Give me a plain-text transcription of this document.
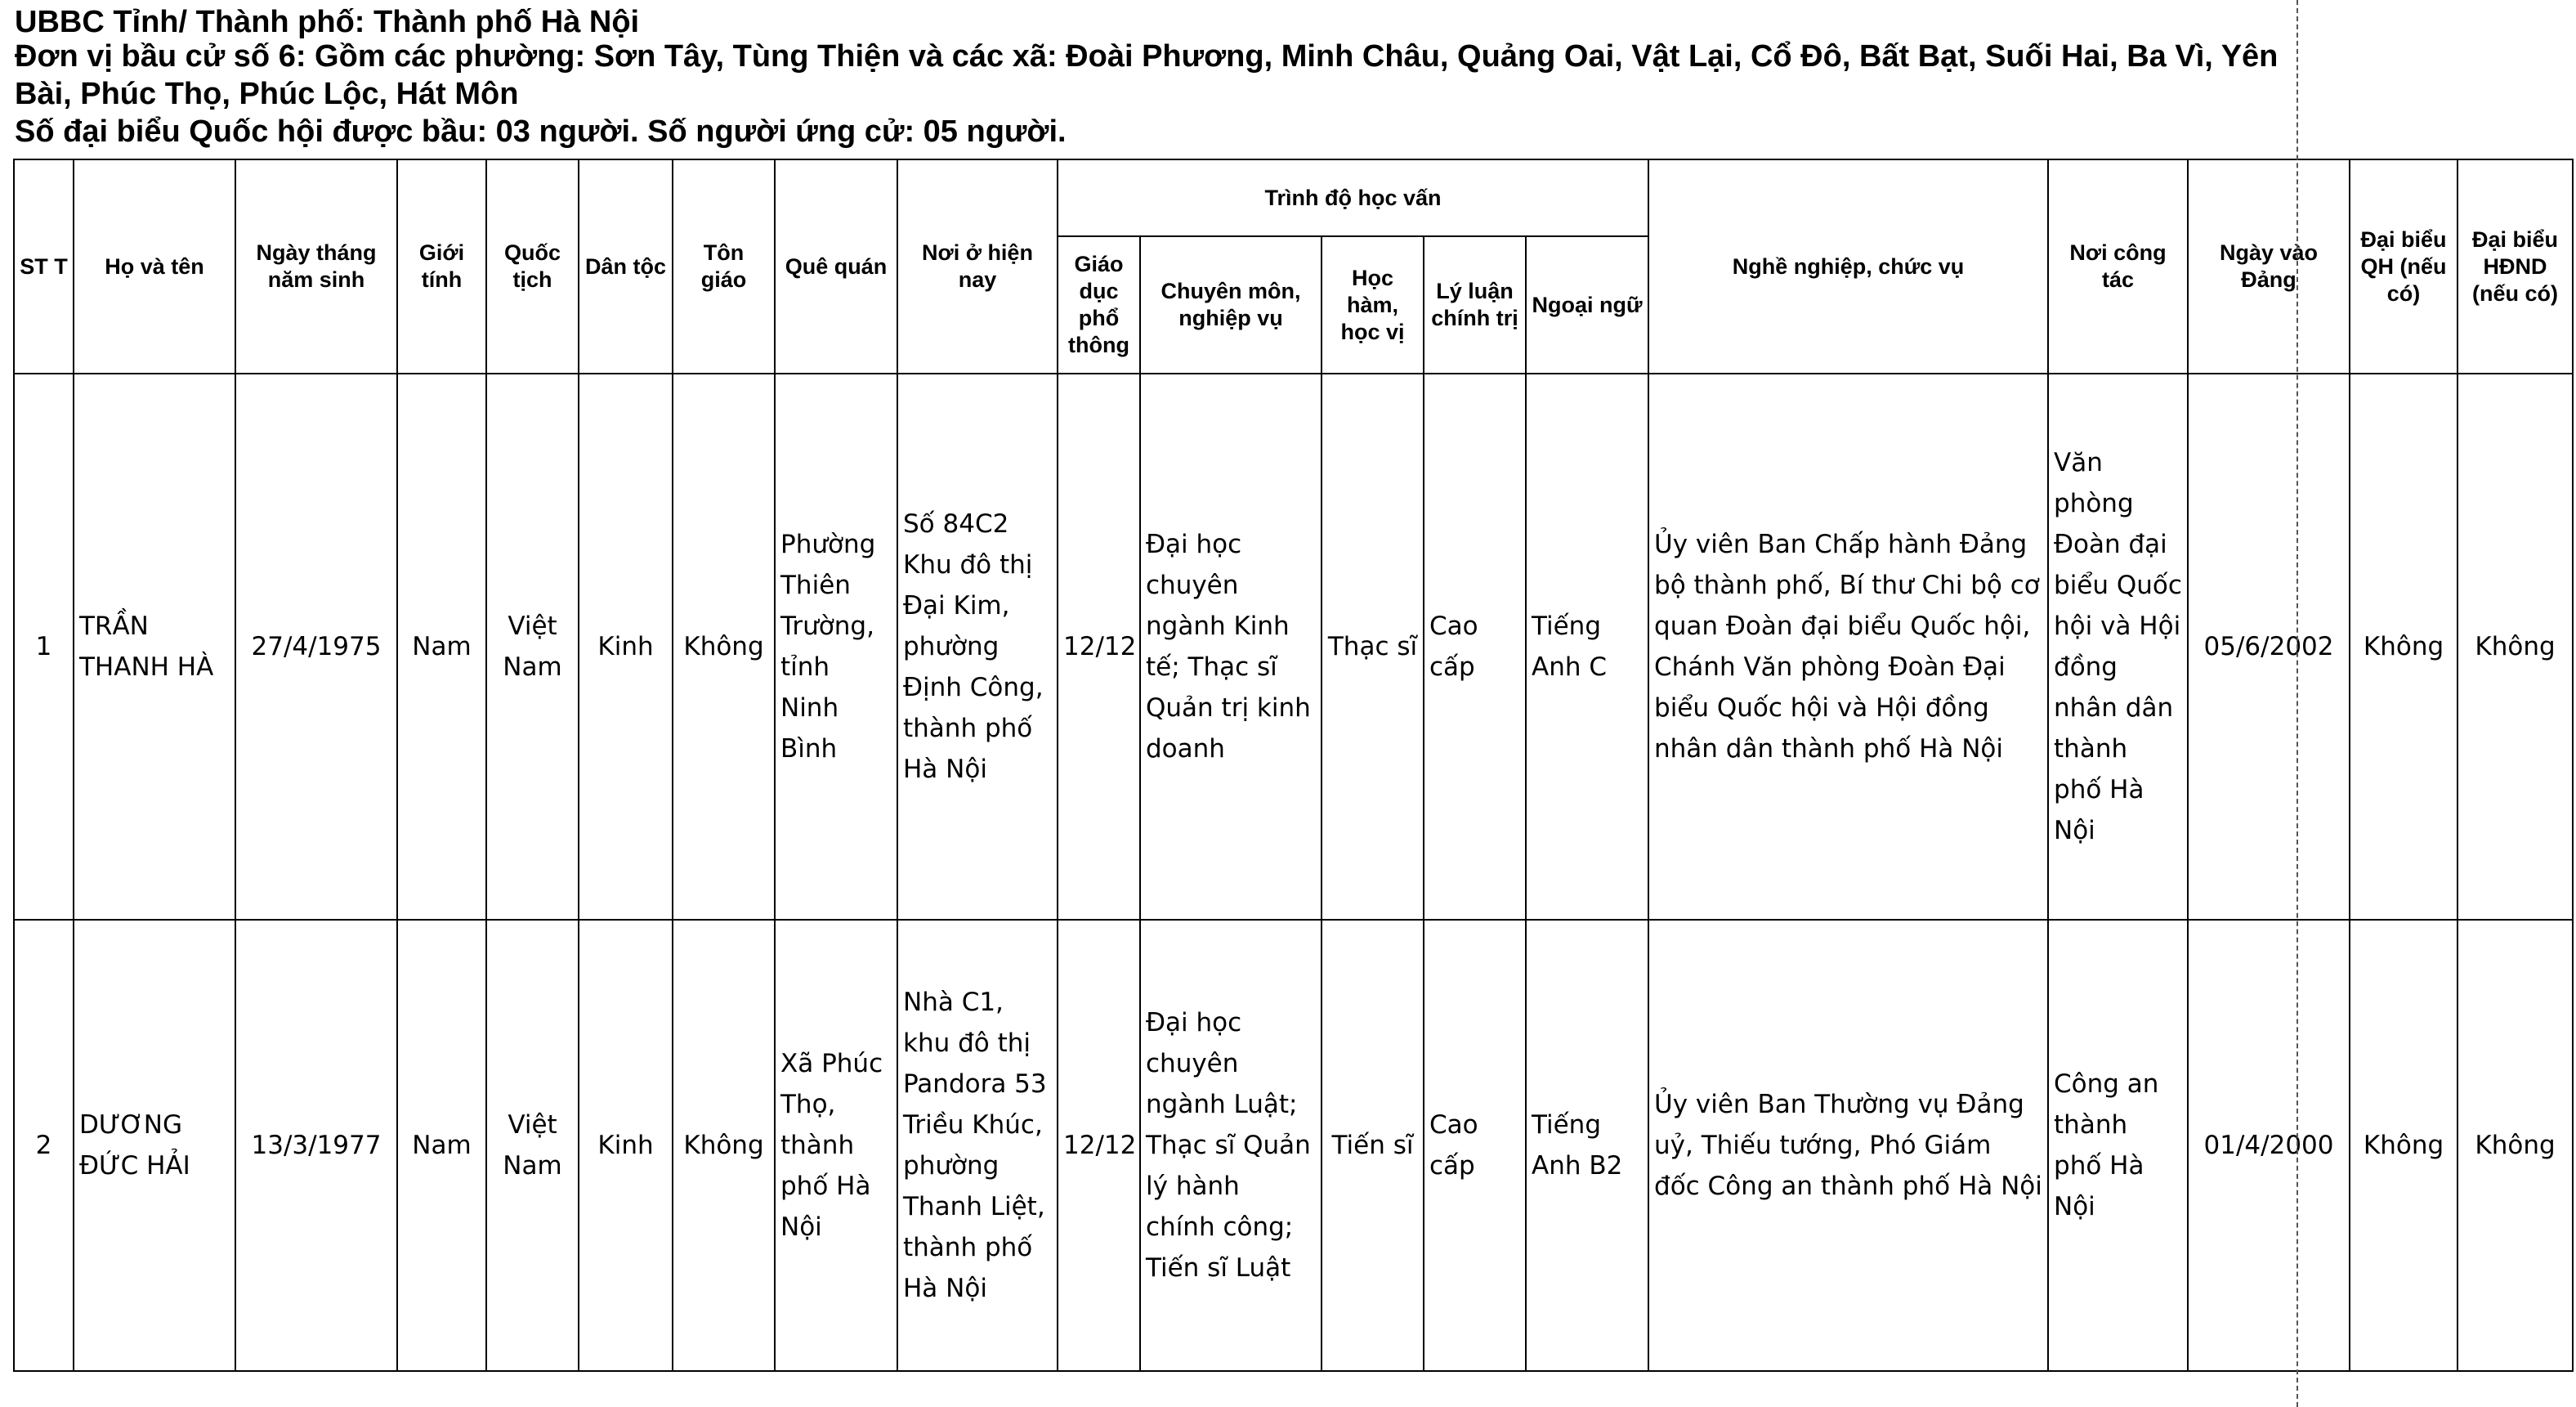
UBBC Tỉnh/ Thành phố: Thành phố Hà Nội
Đơn vị bầu cử số 6: Gồm các phường: Sơn Tây, Tùng Thiện và các xã: Đoài Phương, Minh Châu, Quảng Oai, Vật Lại, Cổ Đô, Bất Bạt, Suối Hai, Ba Vì, Yên
Bài, Phúc Thọ, Phúc Lộc, Hát Môn
Số đại biểu Quốc hội được bầu: 03 người. Số người ứng cử: 05 người.
ST T	Họ và tên	Ngày tháng năm sinh	Giới tính	Quốc tịch	Dân tộc	Tôn giáo	Quê quán	Nơi ở hiện nay	Trình độ học vấn					Nghề nghiệp, chức vụ	Nơi công tác	Ngày vào Đảng	Đại biểu QH (nếu có)	Đại biểu HĐND (nếu có)
									Giáo dục phổ thông	Chuyên môn, nghiệp vụ	Học hàm, học vị	Lý luận chính trị	Ngoại ngữ					
1	TRẦN THANH HÀ	27/4/1975	Nam	Việt Nam	Kinh	Không	Phường Thiên Trường, tỉnh Ninh Bình	Số 84C2 Khu đô thị Đại Kim, phường Định Công, thành phố Hà Nội	12/12	Đại học chuyên ngành Kinh tế; Thạc sĩ Quản trị kinh doanh	Thạc sĩ	Cao cấp	Tiếng Anh C	Ủy viên Ban Chấp hành Đảng bộ thành phố, Bí thư Chi bộ cơ quan Đoàn đại biểu Quốc hội, Chánh Văn phòng Đoàn Đại biểu Quốc hội và Hội đồng nhân dân thành phố Hà Nội	Văn phòng Đoàn đại biểu Quốc hội và Hội đồng nhân dân thành phố Hà Nội	05/6/2002	Không	Không
2	DƯƠNG ĐỨC HẢI	13/3/1977	Nam	Việt Nam	Kinh	Không	Xã Phúc Thọ, thành phố Hà Nội	Nhà C1, khu đô thị Pandora 53 Triều Khúc, phường Thanh Liệt, thành phố Hà Nội	12/12	Đại học chuyên ngành Luật; Thạc sĩ Quản lý hành chính công; Tiến sĩ Luật	Tiến sĩ	Cao cấp	Tiếng Anh B2	Ủy viên Ban Thường vụ Đảng uỷ, Thiếu tướng, Phó Giám đốc Công an thành phố Hà Nội	Công an thành phố Hà Nội	01/4/2000	Không	Không
